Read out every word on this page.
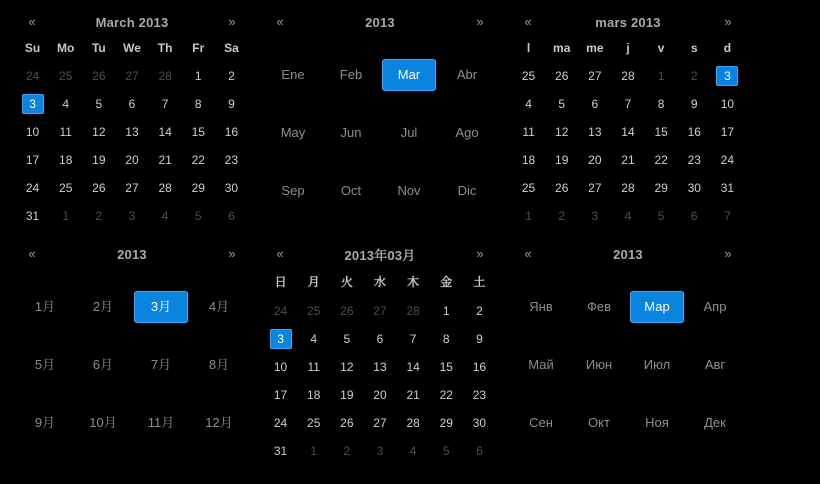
«	March 2013	»
Su	Mo	Tu	We	Th	Fr	Sa
24	25	26	27	28	1	2
3	4	5	6	7	8	9
10	11	12	13	14	15	16
17	18	19	20	21	22	23
24	25	26	27	28	29	30
31	1	2	3	4	5	6
«	2013	»
Ene	Feb	Mar	Abr
May	Jun	Jul	Ago
Sep	Oct	Nov	Dic
«	mars 2013	»
l	ma	me	j	v	s	d
25	26	27	28	1	2	3
4	5	6	7	8	9	10
11	12	13	14	15	16	17
18	19	20	21	22	23	24
25	26	27	28	29	30	31
1	2	3	4	5	6	7
«	2013	»
1月	2月	3月	4月
5月	6月	7月	8月
9月	10月	11月	12月
«	2013年03月	»
日	月	火	水	木	金	土
24	25	26	27	28	1	2
3	4	5	6	7	8	9
10	11	12	13	14	15	16
17	18	19	20	21	22	23
24	25	26	27	28	29	30
31	1	2	3	4	5	6
«	2013	»
Янв	Фев	Мар	Апр
Май	Июн	Июл	Авг
Сен	Окт	Ноя	Дек
